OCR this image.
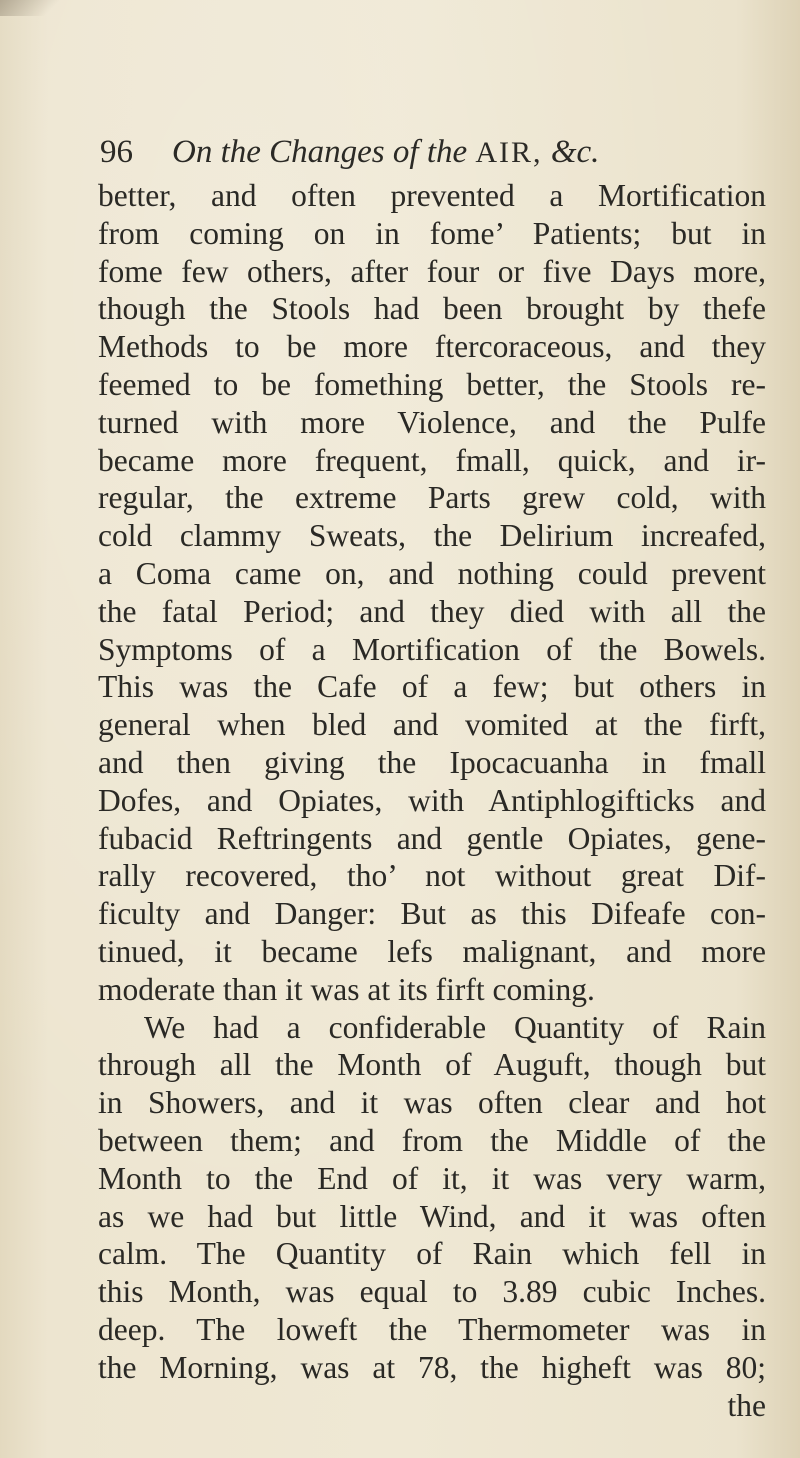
96 On the Changes of the AIR, &c.
better, and often prevented a Mortification
from coming on in fome’ Patients; but in
fome few others, after four or five Days more,
though the Stools had been brought by thefe
Methods to be more ftercoraceous, and they
feemed to be fomething better, the Stools re-
turned with more Violence, and the Pulfe
became more frequent, fmall, quick, and ir-
regular, the extreme Parts grew cold, with
cold clammy Sweats, the Delirium increafed,
a Coma came on, and nothing could prevent
the fatal Period; and they died with all the
Symptoms of a Mortification of the Bowels.
This was the Cafe of a few; but others in
general when bled and vomited at the firft,
and then giving the Ipocacuanha in fmall
Dofes, and Opiates, with Antiphlogifticks and
fubacid Reftringents and gentle Opiates, gene-
rally recovered, tho’ not without great Dif-
ficulty and Danger: But as this Difeafe con-
tinued, it became lefs malignant, and more
moderate than it was at its firft coming.
We had a confiderable Quantity of Rain
through all the Month of Auguft, though but
in Showers, and it was often clear and hot
between them; and from the Middle of the
Month to the End of it, it was very warm,
as we had but little Wind, and it was often
calm. The Quantity of Rain which fell in
this Month, was equal to 3.89 cubic Inches.
deep. The loweft the Thermometer was in
the Morning, was at 78, the higheft was 80;
the
